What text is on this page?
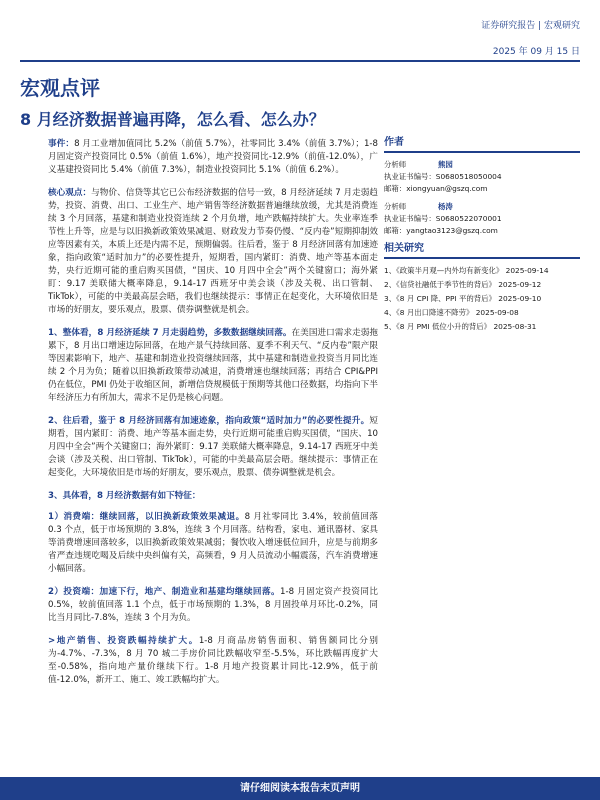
证券研究报告 | 宏观研究
2025 年 09 月 15 日
宏观点评
8 月经济数据普遍再降，怎么看、怎么办？

事件：8 月工业增加值同比 5.2%（前值 5.7%），社零同比 3.4%（前值 3.7%）；1-8 月固定资产投资同比 0.5%（前值 1.6%），地产投资同比-12.9%（前值-12.0%），广义基建投资同比 5.4%（前值 7.3%），制造业投资同比 5.1%（前值 6.2%）。

核心观点：与物价、信贷等其它已公布经济数据的信号一致，8 月经济延续 7 月走弱趋势，投资、消费、出口、工业生产、地产销售等经济数据普遍继续放缓，尤其是消费连续 3 个月回落，基建和制造业投资连续 2 个月负增，地产跌幅持续扩大。失业率连季节性上升等，应是与以旧换新政策效果减退、财政发力节奏仍慢、“反内卷”短期抑制效应等因素有关，本质上还是内需不足，预期偏弱。往后看，鉴于 8 月经济回落有加速迹象，指向政策“适时加力”的必要性提升，短期看，国内紧盯：消费、地产等基本面走势，央行近期可能的重启购买国债，“国庆、10 月四中全会”两个关键窗口；海外紧盯：9.17 美联储大概率降息，9.14-17 西班牙中美会谈（涉及关税、出口管制、TikTok），可能的中美最高层会晤，我们也继续提示：事情正在起变化，大环境依旧是市场的好朋友，要乐观点，股票、债券调整就是机会。

1、整体看，8 月经济延续 7 月走弱趋势，多数数据继续回落。在美国进口需求走弱拖累下，8 月出口增速边际回落，在地产景气持续回落、夏季不利天气、“反内卷”限产限等因素影响下，地产、基建和制造业投资继续回落，其中基建和制造业投资当月同比连续 2 个月为负；随着以旧换新政策带动减退，消费增速也继续回落；再结合 CPI&PPI 仍在低位，PMI 仍处于收缩区间，新增信贷规模低于预期等其他口径数据，均指向下半年经济压力有所加大，需求不足仍是核心问题。

2、往后看，鉴于 8 月经济回落有加速迹象，指向政策“适时加力”的必要性提升。短期看，国内紧盯：消费、地产等基本面走势，央行近期可能重启购买国债，“国庆、10 月四中全会”两个关键窗口；海外紧盯：9.17 美联储大概率降息，9.14-17 西班牙中美会谈（涉及关税、出口管制、TikTok），可能的中美最高层会晤。继续提示：事情正在起变化，大环境依旧是市场的好朋友，要乐观点，股票、债券调整就是机会。

3、具体看，8 月经济数据有如下特征：

1）消费端：继续回落，以旧换新政策效果减退。8 月社零同比 3.4%，较前值回落 0.3 个点，低于市场预期的 3.8%，连续 3 个月回落。结构看，家电、通讯器材、家具等消费增速回落较多，以旧换新政策效果减弱；餐饮收入增速低位回升，应是与前期多省严查违规吃喝及后续中央纠偏有关，高频看，9 月人员流动小幅震荡，汽车消费增速小幅回落。

2）投资端：加速下行，地产、制造业和基建均继续回落。1-8 月固定资产投资同比 0.5%，较前值回落 1.1 个点，低于市场预期的 1.3%，8 月固投单月环比-0.2%，同比当月同比-7.8%，连续 3 个月为负。

>地产销售、投资跌幅持续扩大。1-8 月商品房销售面积、销售额同比分别为-4.7%、-7.3%，8 月 70 城二手房价同比跌幅收窄至-5.5%，环比跌幅再度扩大至-0.58%，指向地产量价继续下行。1-8 月地产投资累计同比-12.9%，低于前值-12.0%，新开工、施工、竣工跌幅均扩大。

作者
分析师	熊园
执业证书编号：S0680518050004
邮箱：xiongyuan@gszq.com
分析师	杨涛
执业证书编号：S0680522070001
邮箱：yangtao3123@gszq.com
相关研究
1、《政策半月观—内外均有新变化》 2025-09-14
2、《信贷社融低于季节性的背后》 2025-09-12
3、《8 月 CPI 降、PPI 平的背后》 2025-09-10
4、《8 月出口降速不降劳》 2025-09-08
5、《8 月 PMI 低位小升的背后》 2025-08-31
请仔细阅读本报告末页声明
